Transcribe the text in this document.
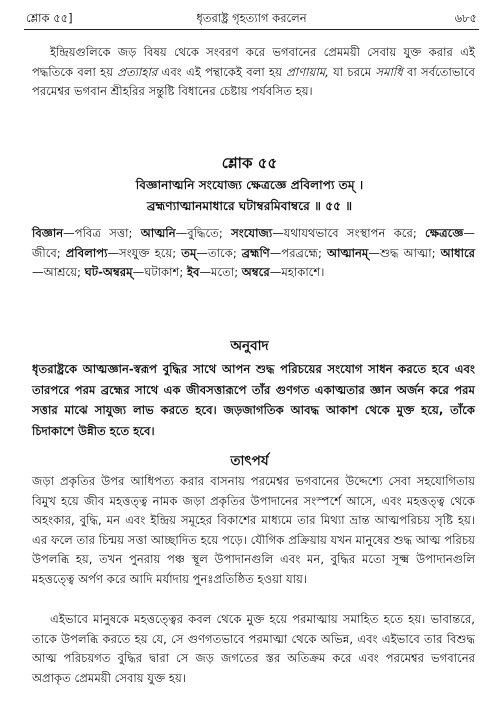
শ্লোক ৫৫]	ধৃতরাষ্ট্র গৃহত্যাগ করলেন	৬৮৫
ইন্দ্রিয়গুলিকে জড় বিষয় থেকে সংবরণ করে ভগবানের প্রেমময়ী সেবায় যুক্ত করার এই পদ্ধতিকে বলা হয় প্রত্যাহার এবং এই পন্থাকেই বলা হয় প্রাণায়াম, যা চরমে সমাধি বা সর্বতোভাবে পরমেশ্বর ভগবান শ্রীহরির সন্তুষ্টি বিধানের চেষ্টায় পর্যবসিত হয়।
শ্লোক ৫৫
বিজ্ঞানাত্মনি সংযোজ্য ক্ষেত্রজ্ঞে প্রবিলাপ্য তম্ ।
ব্রহ্মণ্যাত্মানমাধারে ঘটাম্বরমিবাম্বরে ॥ ৫৫ ॥
বিজ্ঞান—পবিত্র সত্তা; আত্মনি—বুদ্ধিতে; সংযোজ্য—যথাযথভাবে সংস্থাপন করে; ক্ষেত্রজ্ঞে—জীবে; প্রবিলাপ্য—সংযুক্ত হয়ে; তম্—তাকে; ব্রহ্মণি—পরব্রহ্মে; আত্মানম্—শুদ্ধ আত্মা; আধারে—আশ্রয়ে; ঘট-অম্বরম্—ঘটাকাশ; ইব—মতো; অম্বরে—মহাকাশে।
অনুবাদ
ধৃতরাষ্ট্রকে আত্মজ্ঞান-স্বরূপ বুদ্ধির সাথে আপন শুদ্ধ পরিচয়ের সংযোগ সাধন করতে হবে এবং তারপরে পরম ব্রহ্মের সাথে এক জীবসত্তারূপে তাঁর গুণগত একাত্মতার জ্ঞান অর্জন করে পরম সত্তার মাঝে সাযুজ্য লাভ করতে হবে। জড়জাগতিক আবদ্ধ আকাশ থেকে মুক্ত হয়ে, তাঁকে চিদাকাশে উন্নীত হতে হবে।
তাৎপর্য
জড়া প্রকৃতির উপর আধিপত্য করার বাসনায় পরমেশ্বর ভগবানের উদ্দেশ্যে সেবা সহযোগিতায় বিমুখ হয়ে জীব মহত্তত্ত্ব নামক জড়া প্রকৃতির উপাদানের সংস্পর্শে আসে, এবং মহত্তত্ত্ব থেকে অহংকার, বুদ্ধি, মন এবং ইন্দ্রিয় সমূহের বিকাশের মাধ্যমে তার মিথ্যা ভ্রান্ত আত্মপরিচয় সৃষ্টি হয়। এর ফলে তার চিন্ময় সত্তা আচ্ছাদিত হয়ে পড়ে। যৌগিক প্রক্রিয়ায় যখন মানুষের শুদ্ধ আত্ম পরিচয় উপলব্ধি হয়, তখন পুনরায় পঞ্চ স্থূল উপাদানগুলি এবং মন, বুদ্ধির মতো সূক্ষ্ম উপাদানগুলি মহত্তত্ত্বে অর্পণ করে আদি মর্যাদায় পুনঃপ্রতিষ্ঠিত হওয়া যায়।
এইভাবে মানুষকে মহত্তত্ত্বের কবল থেকে মুক্ত হয়ে পরমাত্মায় সমাহিত হতে হয়। ভাবান্তরে, তাকে উপলব্ধি করতে হয় যে, সে গুণগতভাবে পরমাত্মা থেকে অভিন্ন, এবং এইভাবে তার বিশুদ্ধ আত্ম পরিচয়গত বুদ্ধির দ্বারা সে জড় জগতের স্তর অতিক্রম করে এবং পরমেশ্বর ভগবানের অপ্রাকৃত প্রেমময়ী সেবায় যুক্ত হয়।
